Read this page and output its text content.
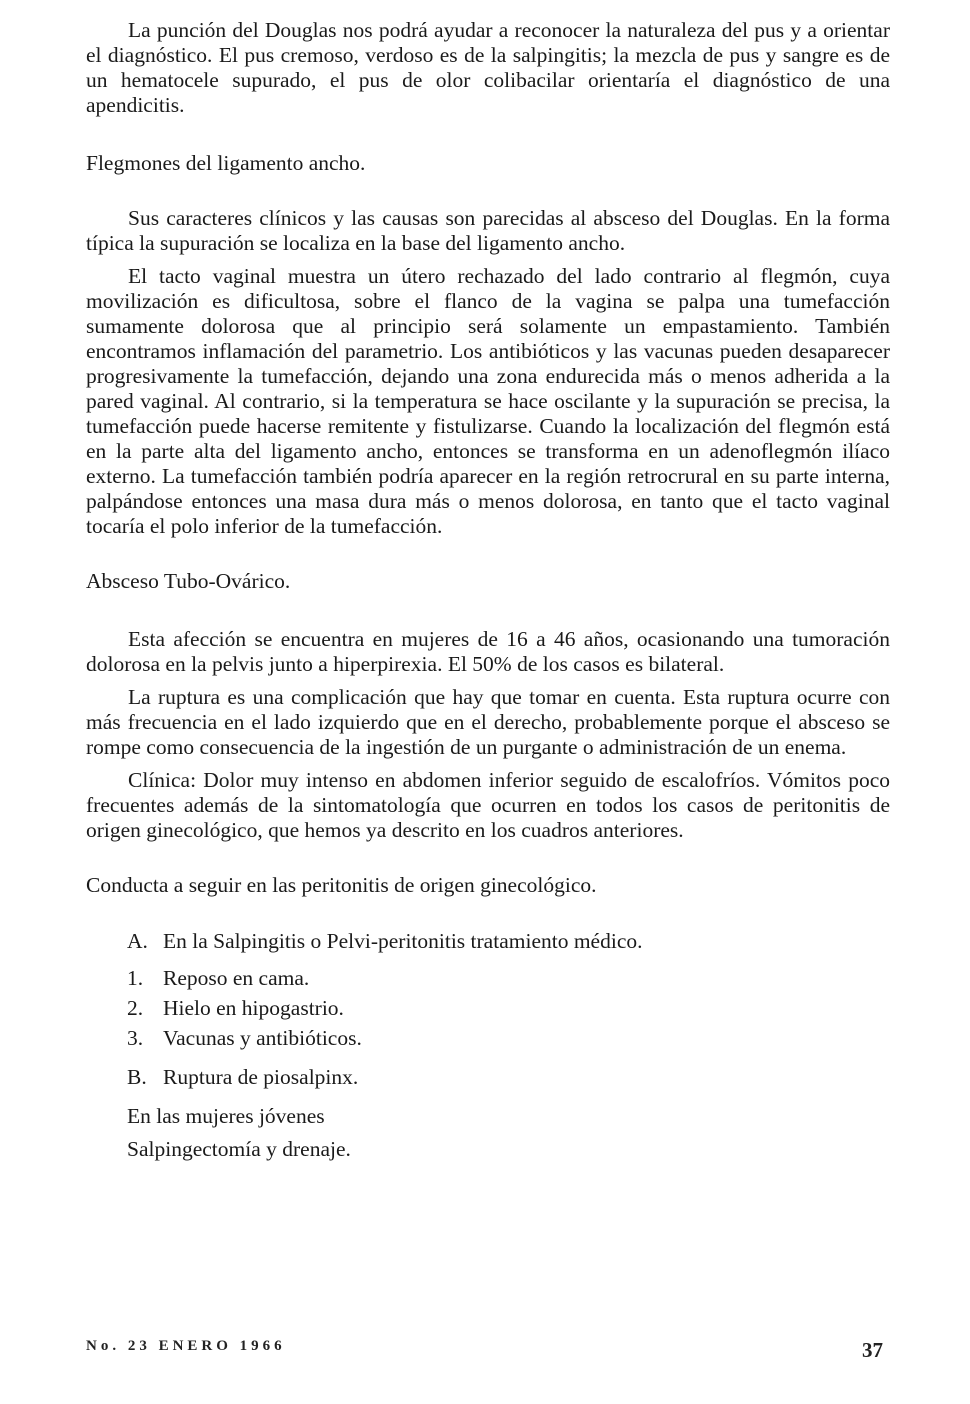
La punción del Douglas nos podrá ayudar a reconocer la naturaleza del pus y a orientar el diagnóstico. El pus cremoso, verdoso es de la salpingitis; la mezcla de pus y sangre es de un hematocele supurado, el pus de olor colibacilar orientaría el diagnóstico de una apendicitis.

Flegmones del ligamento ancho.

Sus caracteres clínicos y las causas son parecidas al absceso del Douglas. En la forma típica la supuración se localiza en la base del ligamento ancho.

El tacto vaginal muestra un útero rechazado del lado contrario al flegmón, cuya movilización es dificultosa, sobre el flanco de la vagina se palpa una tumefacción sumamente dolorosa que al principio será solamente un empastamiento. También encontramos inflamación del parametrio. Los antibióticos y las vacunas pueden desaparecer progresivamente la tumefacción, dejando una zona endurecida más o menos adherida a la pared vaginal. Al contrario, si la temperatura se hace oscilante y la supuración se precisa, la tumefacción puede hacerse remitente y fistulizarse. Cuando la localización del flegmón está en la parte alta del ligamento ancho, entonces se transforma en un adenoflegmón ilíaco externo. La tumefacción también podría aparecer en la región retrocrural en su parte interna, palpándose entonces una masa dura más o menos dolorosa, en tanto que el tacto vaginal tocaría el polo inferior de la tumefacción.

Absceso Tubo-Ovárico.

Esta afección se encuentra en mujeres de 16 a 46 años, ocasionando una tumoración dolorosa en la pelvis junto a hiperpirexia. El 50% de los casos es bilateral.

La ruptura es una complicación que hay que tomar en cuenta. Esta ruptura ocurre con más frecuencia en el lado izquierdo que en el derecho, probablemente porque el absceso se rompe como consecuencia de la ingestión de un purgante o administración de un enema.

Clínica: Dolor muy intenso en abdomen inferior seguido de escalofríos. Vómitos poco frecuentes además de la sintomatología que ocurren en todos los casos de peritonitis de origen ginecológico, que hemos ya descrito en los cuadros anteriores.

Conducta a seguir en las peritonitis de origen ginecológico.

A. En la Salpingitis o Pelvi-peritonitis tratamiento médico.

1. Reposo en cama.

2. Hielo en hipogastrio.

3. Vacunas y antibióticos.

B. Ruptura de piosalpinx.

En las mujeres jóvenes

Salpingectomía y drenaje.

No. 23 ENERO 1966	37
